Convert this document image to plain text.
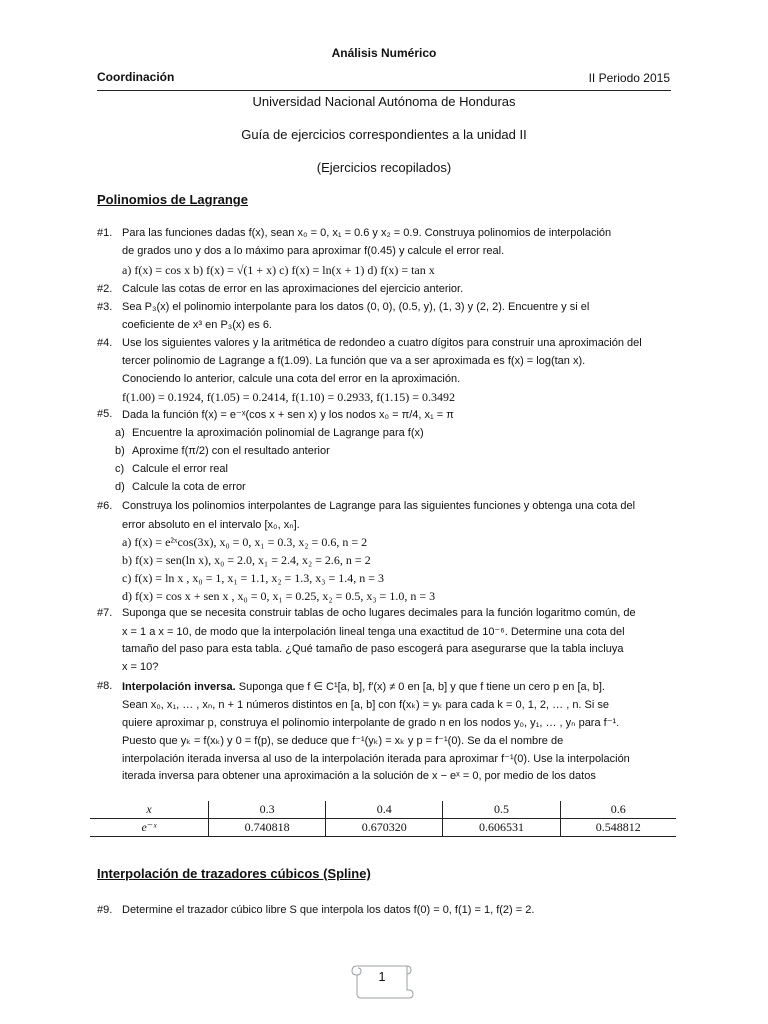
Análisis Numérico
Coordinación	II Periodo 2015
Universidad Nacional Autónoma de Honduras
Guía de ejercicios correspondientes a la unidad II
(Ejercicios recopilados)
Polinomios de Lagrange
#1. Para las funciones dadas f(x), sean x₀ = 0, x₁ = 0.6 y x₂ = 0.9. Construya polinomios de interpolación
de grados uno y dos a lo máximo para aproximar f(0.45) y calcule el error real.
a) f(x) = cos x b) f(x) = √(1 + x) c) f(x) = ln(x + 1) d) f(x) = tan x
#2. Calcule las cotas de error en las aproximaciones del ejercicio anterior.
#3. Sea P₃(x) el polinomio interpolante para los datos (0, 0), (0.5, y), (1, 3) y (2, 2). Encuentre y si el
coeficiente de x³ en P₃(x) es 6.
#4. Use los siguientes valores y la aritmética de redondeo a cuatro dígitos para construir una aproximación del
tercer polinomio de Lagrange a f(1.09). La función que va a ser aproximada es f(x) = log(tan x).
Conociendo lo anterior, calcule una cota del error en la aproximación.
f(1.00) = 0.1924, f(1.05) = 0.2414, f(1.10) = 0.2933, f(1.15) = 0.3492
#5. Dada la función f(x) = e⁻ˣ(cos x + sen x) y los nodos x₀ = π/4, x₁ = π
a) Encuentre la aproximación polinomial de Lagrange para f(x)
b) Aproxime f(π/2) con el resultado anterior
c) Calcule el error real
d) Calcule la cota de error
#6. Construya los polinomios interpolantes de Lagrange para las siguientes funciones y obtenga una cota del
error absoluto en el intervalo [x₀, xₙ].
a) f(x) = e²ˣcos(3x), x₀ = 0, x₁ = 0.3, x₂ = 0.6, n = 2
b) f(x) = sen(ln x), x₀ = 2.0, x₁ = 2.4, x₂ = 2.6, n = 2
c) f(x) = ln x , x₀ = 1, x₁ = 1.1, x₂ = 1.3, x₃ = 1.4, n = 3
d) f(x) = cos x + sen x , x₀ = 0, x₁ = 0.25, x₂ = 0.5, x₃ = 1.0, n = 3
#7. Suponga que se necesita construir tablas de ocho lugares decimales para la función logaritmo común, de
x = 1 a x = 10, de modo que la interpolación lineal tenga una exactitud de 10⁻⁶. Determine una cota del
tamaño del paso para esta tabla. ¿Qué tamaño de paso escogerá para asegurarse que la tabla incluya
x = 10?
#8. Interpolación inversa. Suponga que f ∈ C¹[a, b], f′(x) ≠ 0 en [a, b] y que f tiene un cero p en [a, b].
Sean x₀, x₁, … , xₙ, n + 1 números distintos en [a, b] con f(xₖ) = yₖ para cada k = 0, 1, 2, … , n. Si se
quiere aproximar p, construya el polinomio interpolante de grado n en los nodos y₀, y₁, … , yₙ para f⁻¹.
Puesto que yₖ = f(xₖ) y 0 = f(p), se deduce que f⁻¹(yₖ) = xₖ y p = f⁻¹(0). Se da el nombre de
interpolación iterada inversa al uso de la interpolación iterada para aproximar f⁻¹(0). Use la interpolación
iterada inversa para obtener una aproximación a la solución de x − eˣ = 0, por medio de los datos
x	0.3	0.4	0.5	0.6
e⁻ˣ	0.740818	0.670320	0.606531	0.548812
Interpolación de trazadores cúbicos (Spline)
#9. Determine el trazador cúbico libre S que interpola los datos f(0) = 0, f(1) = 1, f(2) = 2.
1
